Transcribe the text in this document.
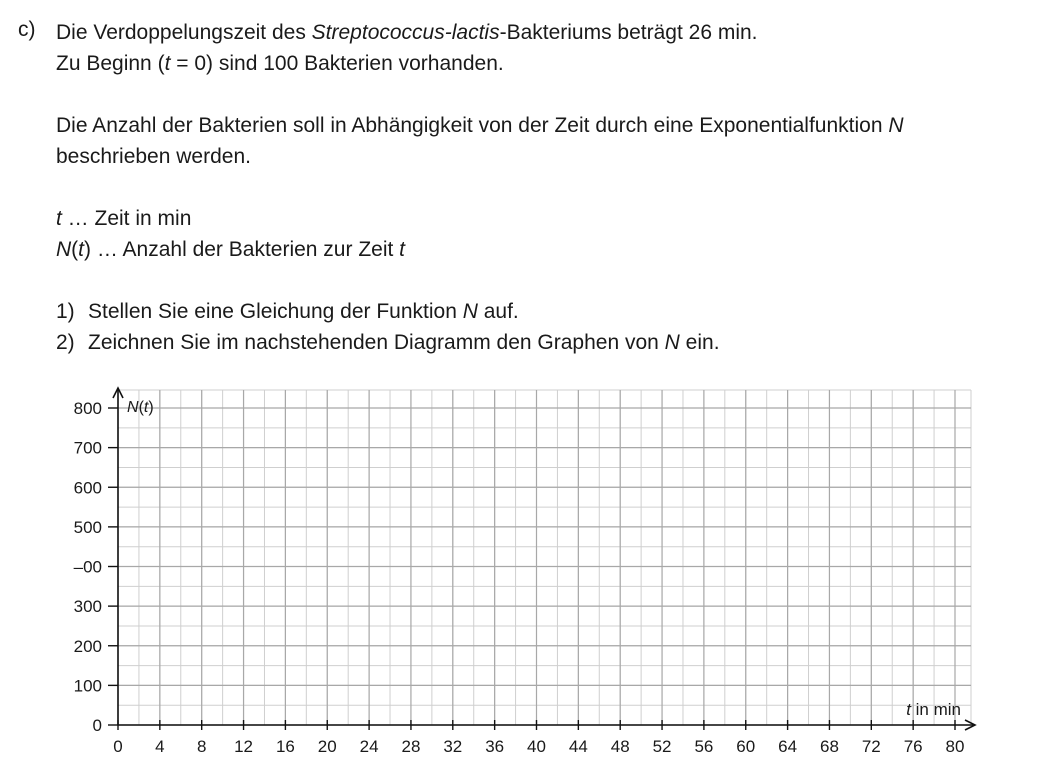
c) Die Verdoppelungszeit des Streptococcus-lactis-Bakteriums beträgt 26 min.

Zu Beginn (t = 0) sind 100 Bakterien vorhanden.

Die Anzahl der Bakterien soll in Abhängigkeit von der Zeit durch eine Exponentialfunktion N

beschrieben werden.

t … Zeit in min

N(t) … Anzahl der Bakterien zur Zeit t

1) Stellen Sie eine Gleichung der Funktion N auf.
2) Zeichnen Sie im nachstehenden Diagramm den Graphen von N ein.
0 4 8 12 16 20 24 28 32 36 40 44 48 52 56 60 64 68 72 76 80
0
100
200
300
–00
500
600
700
800 N(t)
t in min
